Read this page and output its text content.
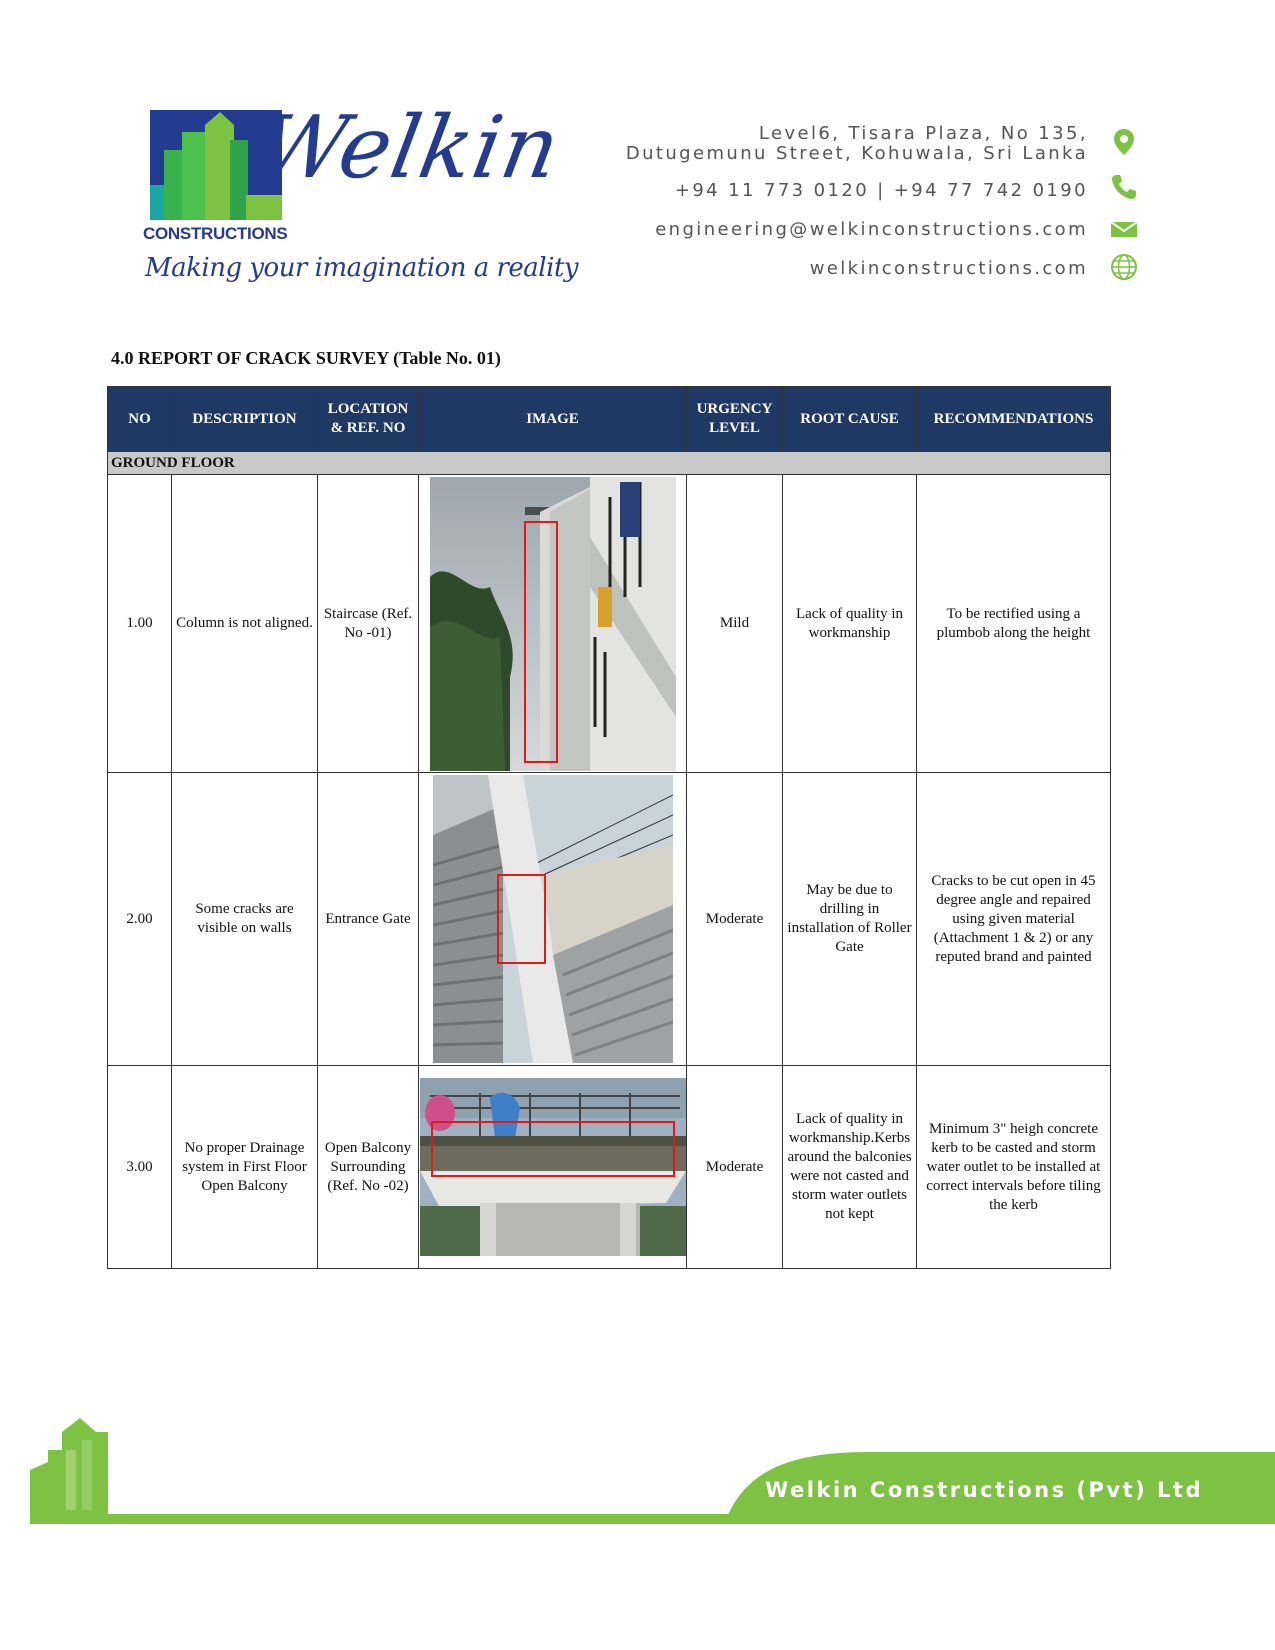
Welkin
CONSTRUCTIONS
Making your imagination a reality
Level6, Tisara Plaza, No 135,
Dutugemunu Street, Kohuwala, Sri Lanka
+94 11 773 0120 | +94 77 742 0190
engineering@welkinconstructions.com
welkinconstructions.com
4.0 REPORT OF CRACK SURVEY (Table No. 01)
NO	DESCRIPTION	LOCATION & REF. NO	IMAGE	URGENCY LEVEL	ROOT CAUSE	RECOMMENDATIONS
GROUND FLOOR						
1.00	Column is not aligned.	Staircase (Ref. No -01)		Mild	Lack of quality in workmanship	To be rectified using a plumbob along the height
2.00	Some cracks are visible on walls	Entrance Gate		Moderate	May be due to drilling in installation of Roller Gate	Cracks to be cut open in 45 degree angle and repaired using given material (Attachment 1 & 2) or any reputed brand and painted
3.00	No proper Drainage system in First Floor Open Balcony	Open Balcony Surrounding (Ref. No -02)		Moderate	Lack of quality in workmanship.Kerbs around the balconies were not casted and storm water outlets not kept	Minimum 3" heigh concrete kerb to be casted and storm water outlet to be installed at correct intervals before tiling the kerb
Welkin Constructions (Pvt) Ltd
